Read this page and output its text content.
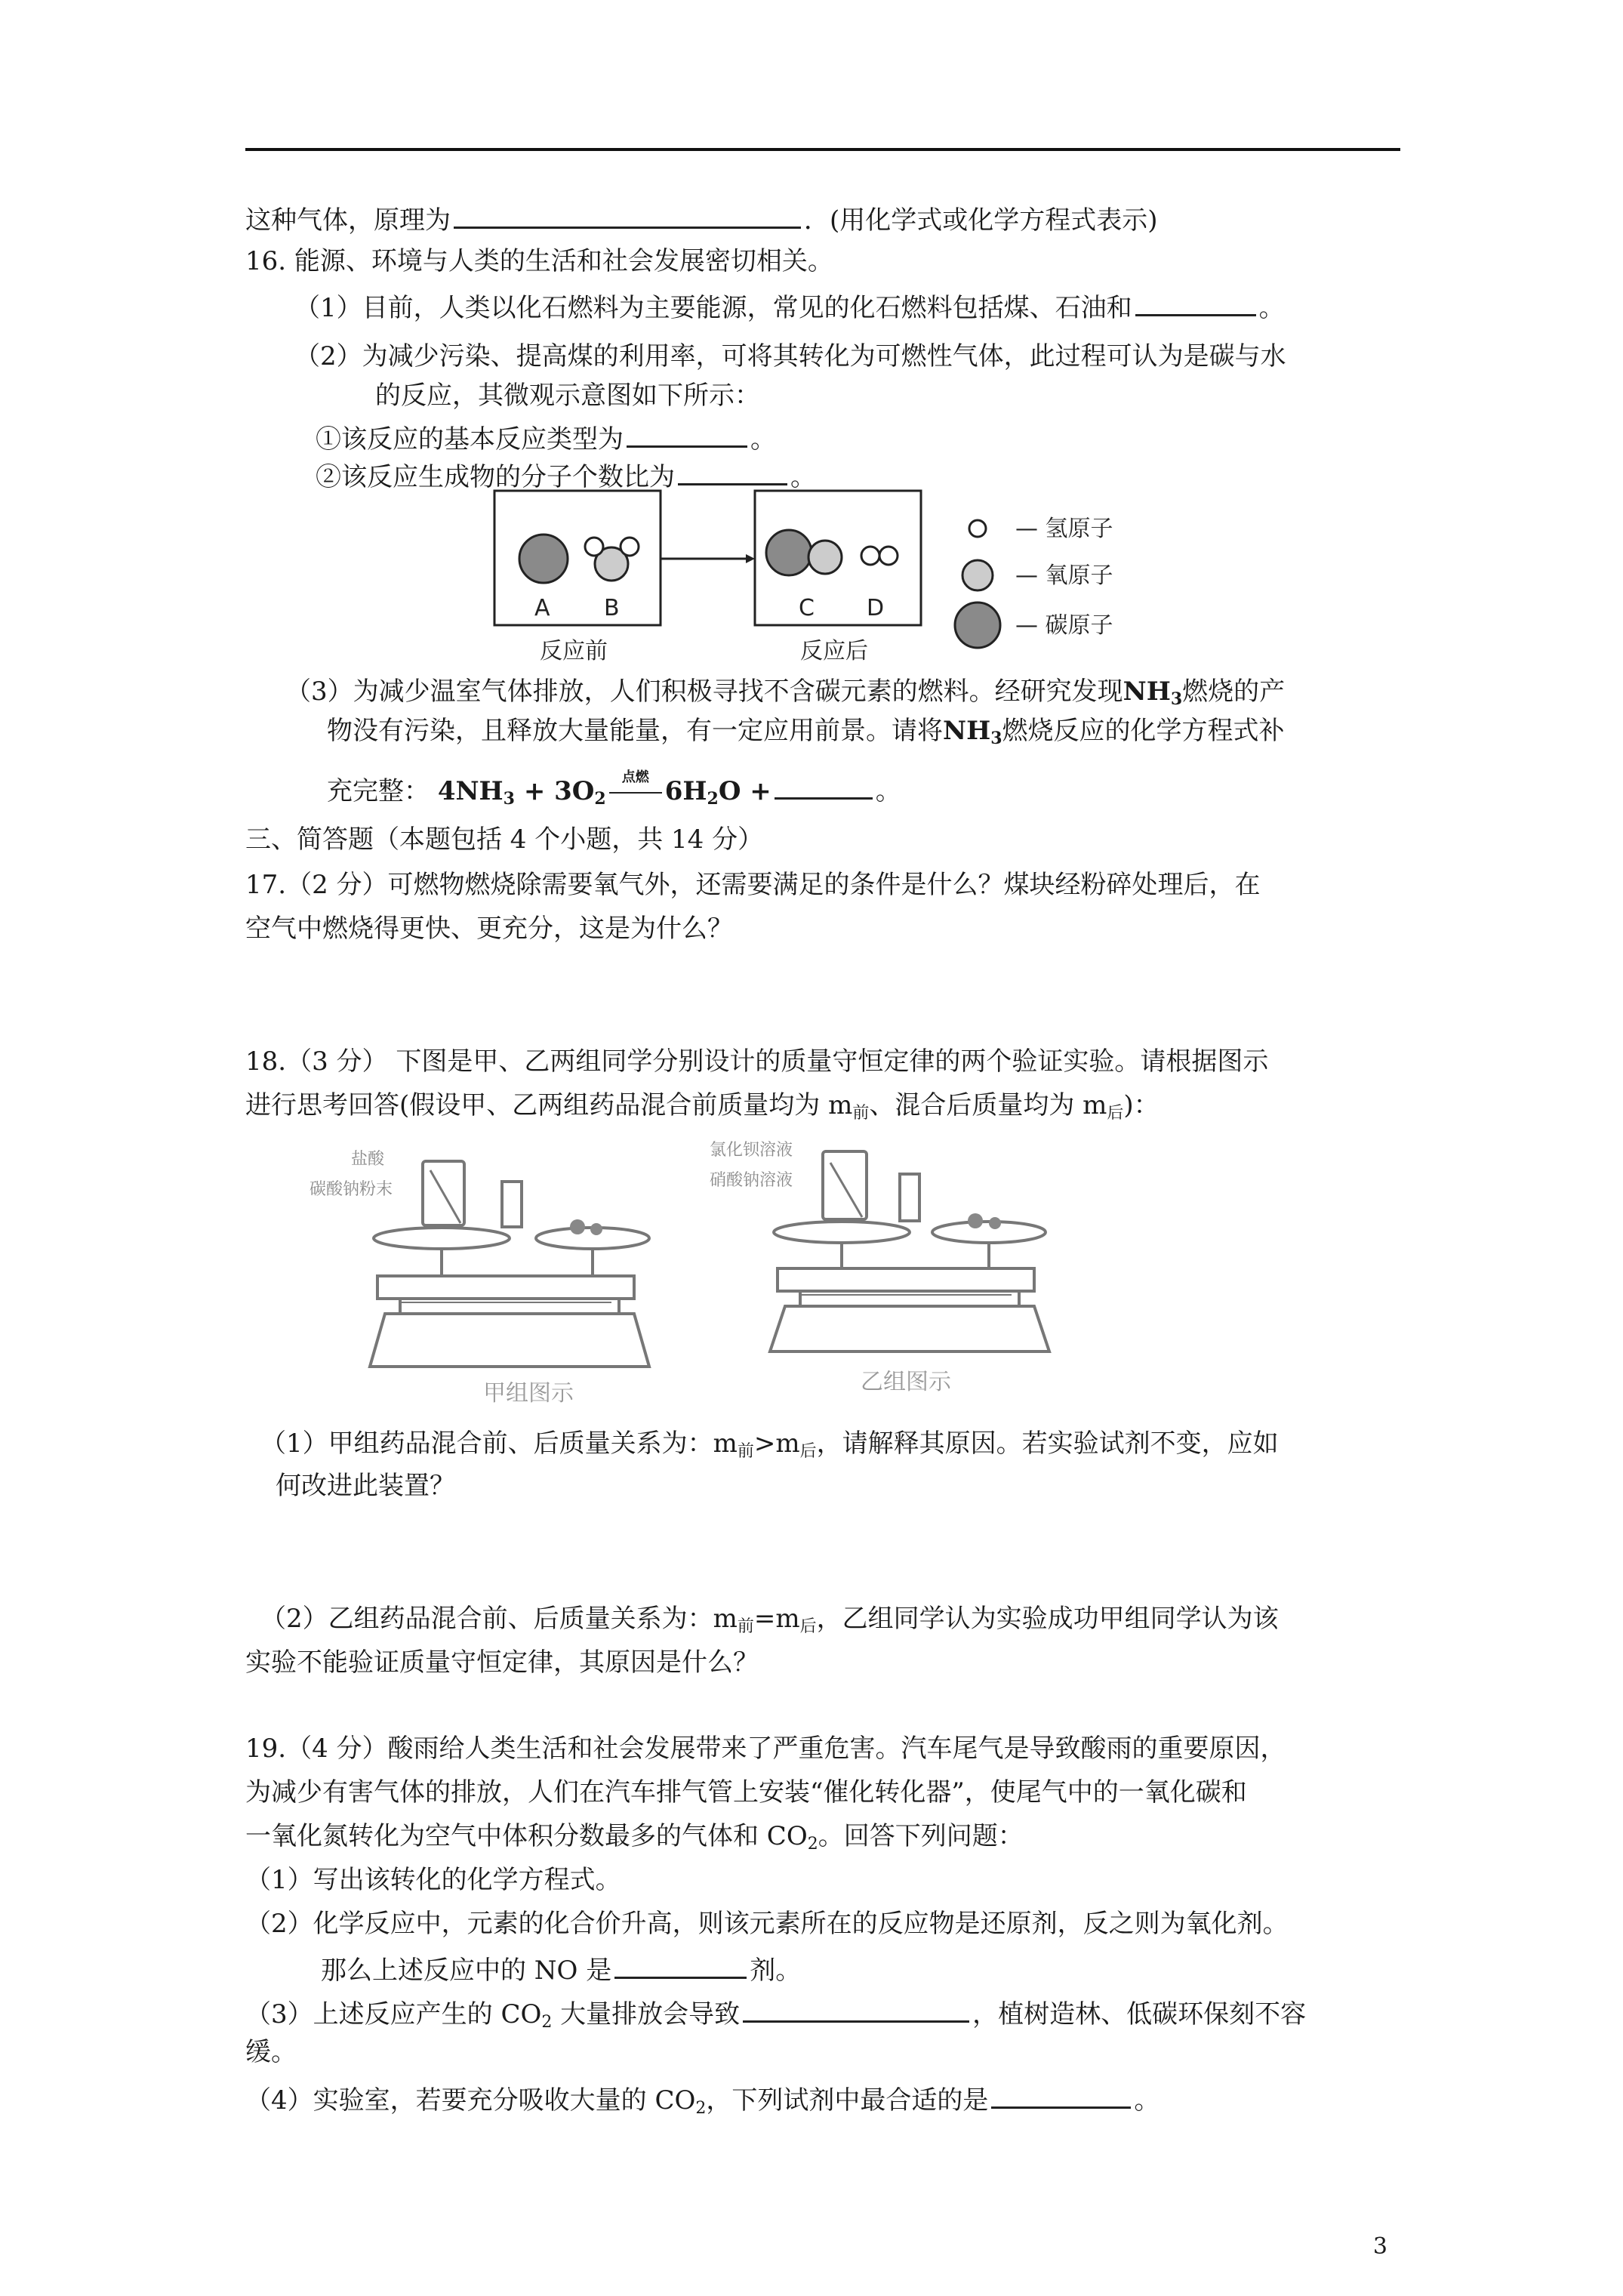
这种气体，原理为	．(用化学式或化学方程式表示)
16. 能源、环境与人类的生活和社会发展密切相关。
（1）目前，人类以化石燃料为主要能源，常见的化石燃料包括煤、石油和	。
（2）为减少污染、提高煤的利用率，可将其转化为可燃性气体，此过程可认为是碳与水
的反应，其微观示意图如下所示：
①该反应的基本反应类型为	。
②该反应生成物的分子个数比为	。
A B	C D
反应前	反应后
— 氢原子
— 氧原子
— 碳原子
（3）为减少温室气体排放，人们积极寻找不含碳元素的燃料。经研究发现$NH_3$燃烧的产
物没有污染，且释放大量能量，有一定应用前景。请将$NH_3$燃烧反应的化学方程式补
充完整： $4NH_3 + 3O_2$
点燃 $6H_2O$ +	。
三、简答题（本题包括 4 个小题，共 14 分）
17.（2 分）可燃物燃烧除需要氧气外，还需要满足的条件是什么？煤块经粉碎处理后，在
空气中燃烧得更快、更充分，这是为什么？
18.（3 分） 下图是甲、乙两组同学分别设计的质量守恒定律的两个验证实验。请根据图示
进行思考回答(假设甲、乙两组药品混合前质量均为 $m_前$、混合后质量均为 $m_后$)：
盐酸
碳酸钠粉末
甲组图示
氯化钡溶液
硝酸钠溶液
乙组图示
（1）甲组药品混合前、后质量关系为：$m_前>m_后$，请解释其原因。若实验试剂不变，应如
何改进此装置？
（2）乙组药品混合前、后质量关系为：$m_前=m_后$，乙组同学认为实验成功甲组同学认为该
实验不能验证质量守恒定律，其原因是什么？
19.（4 分）酸雨给人类生活和社会发展带来了严重危害。汽车尾气是导致酸雨的重要原因，
为减少有害气体的排放，人们在汽车排气管上安装“催化转化器”，使尾气中的一氧化碳和
一氧化氮转化为空气中体积分数最多的气体和 $CO_2$。回答下列问题：
（1）写出该转化的化学方程式。
（2）化学反应中，元素的化合价升高，则该元素所在的反应物是还原剂，反之则为氧化剂。
那么上述反应中的 NO 是	剂。
（3）上述反应产生的 $CO_2$ 大量排放会导致	，植树造林、低碳环保刻不容
缓。
（4）实验室，若要充分吸收大量的 $CO_2$，下列试剂中最合适的是	。
3
